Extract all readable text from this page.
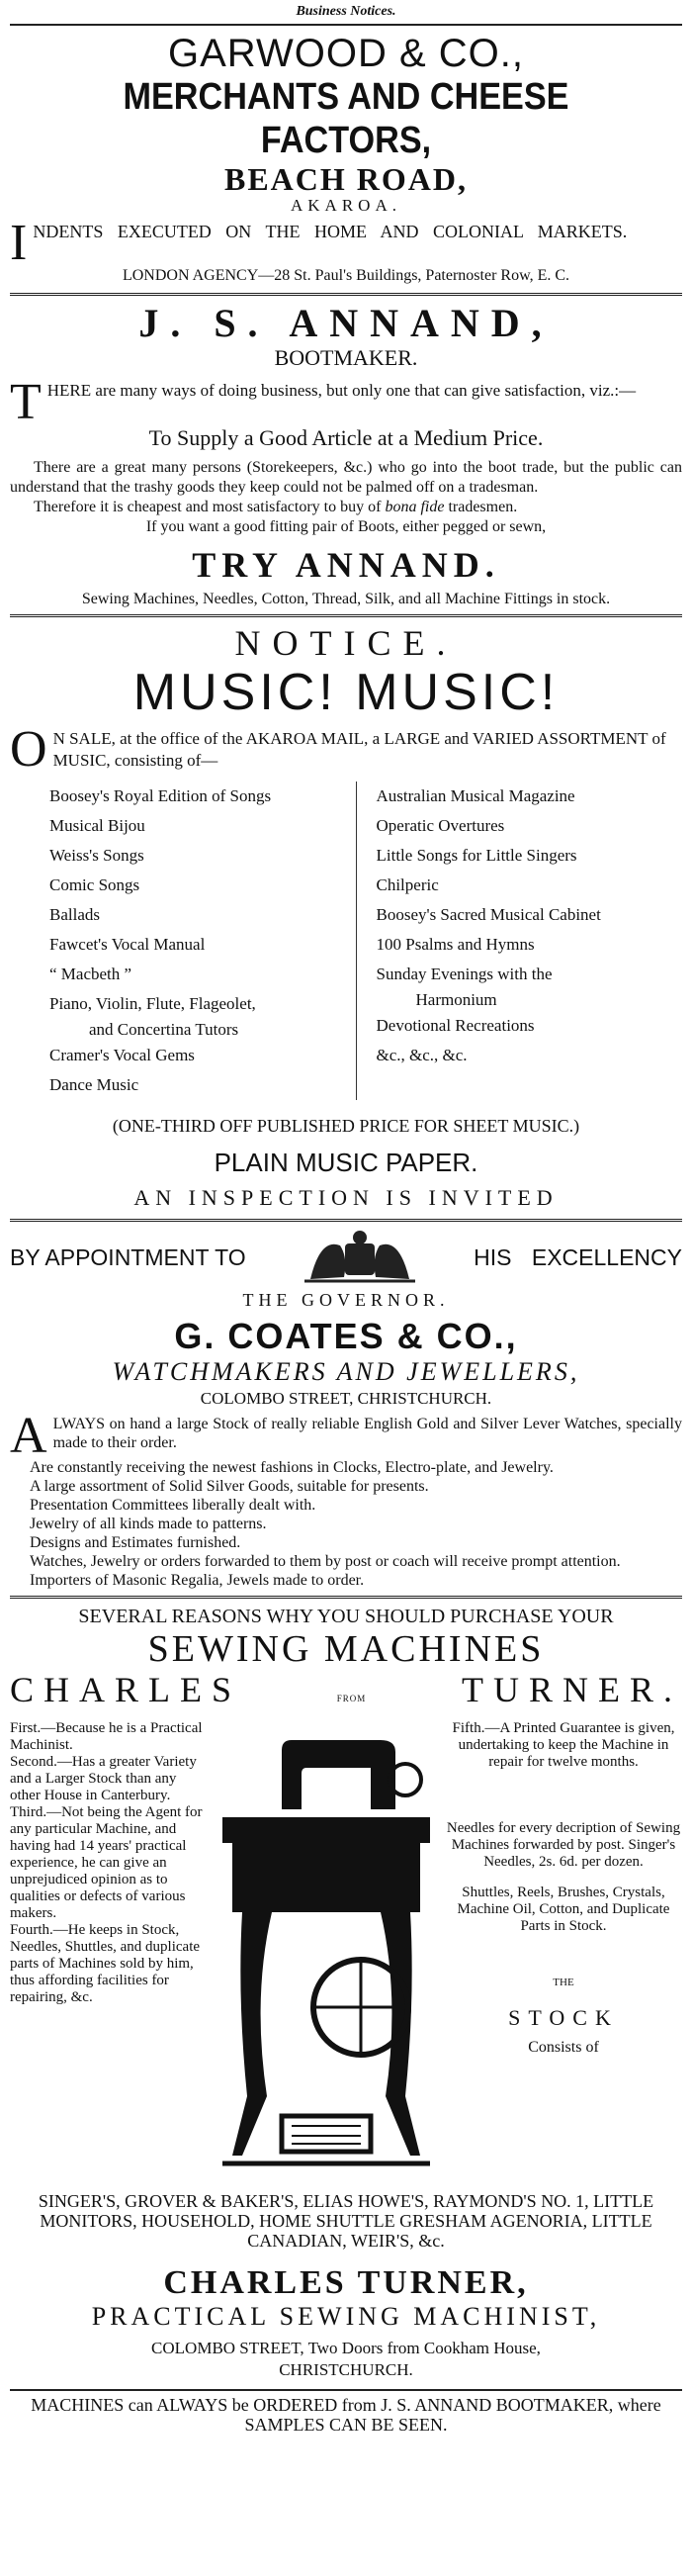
Business Notices.
GARWOOD & CO.,
MERCHANTS AND CHEESE FACTORS,
BEACH ROAD,
AKAROA.
I NDENTS EXECUTED ON THE HOME AND COLONIAL MARKETS.
LONDON AGENCY—28 St. Paul's Buildings, Paternoster Row, E. C.
J. S. ANNAND,
BOOTMAKER.
T HERE are many ways of doing business, but only one that can give satisfaction, viz.:—
To Supply a Good Article at a Medium Price.

There are a great many persons (Storekeepers, &c.) who go into the boot trade, but the public can understand that the trashy goods they keep could not be palmed off on a tradesman.

Therefore it is cheapest and most satisfactory to buy of bona fide tradesmen.

If you want a good fitting pair of Boots, either pegged or sewn,

TRY ANNAND.
Sewing Machines, Needles, Cotton, Thread, Silk, and all Machine Fittings in stock.
NOTICE.
MUSIC! MUSIC!
O N SALE, at the office of the AKAROA MAIL, a LARGE and VARIED ASSORTMENT of MUSIC, consisting of—
Boosey's Royal Edition of Songs
Musical Bijou
Weiss's Songs
Comic Songs
Ballads
Fawcet's Vocal Manual
“ Macbeth ”
Piano, Violin, Flute, Flageolet,
and Concertina Tutors
Cramer's Vocal Gems
Dance Music
Australian Musical Magazine
Operatic Overtures
Little Songs for Little Singers
Chilperic
Boosey's Sacred Musical Cabinet
100 Psalms and Hymns
Sunday Evenings with the
Harmonium
Devotional Recreations
&c., &c., &c.
(ONE-THIRD OFF PUBLISHED PRICE FOR SHEET MUSIC.)
PLAIN MUSIC PAPER.
AN INSPECTION IS INVITED
BY APPOINTMENT TO	HIS EXCELLENCY
THE GOVERNOR.
G. COATES & CO.,
WATCHMAKERS AND JEWELLERS,
COLOMBO STREET, CHRISTCHURCH.
A LWAYS on hand a large Stock of really reliable English Gold and Silver Lever Watches, specially made to their order.
Are constantly receiving the newest fashions in Clocks, Electro-plate, and Jewelry.
A large assortment of Solid Silver Goods, suitable for presents.
Presentation Committees liberally dealt with.
Jewelry of all kinds made to patterns.
Designs and Estimates furnished.
Watches, Jewelry or orders forwarded to them by post or coach will receive prompt attention.
Importers of Masonic Regalia, Jewels made to order.
SEVERAL REASONS WHY YOU SHOULD PURCHASE YOUR
SEWING MACHINES
CHARLES	FROM	TURNER.

First.—Because he is a Practical Machinist.

Second.—Has a greater Variety and a Larger Stock than any other House in Canterbury.

Third.—Not being the Agent for any particular Machine, and having had 14 years' practical experience, he can give an unprejudiced opinion as to qualities or defects of various makers.

Fourth.—He keeps in Stock, Needles, Shuttles, and duplicate parts of Machines sold by him, thus affording facilities for repairing, &c.

Fifth.—A Printed Guarantee is given, undertaking to keep the Machine in repair for twelve months.

Needles for every decription of Sewing Machines forwarded by post. Singer's Needles, 2s. 6d. per dozen.

Shuttles, Reels, Brushes, Crystals, Machine Oil, Cotton, and Duplicate Parts in Stock.

THE

STOCK

Consists of

SINGER'S, GROVER & BAKER'S, ELIAS HOWE'S, RAYMOND'S NO. 1, LITTLE MONITORS, HOUSEHOLD, HOME SHUTTLE GRESHAM AGENORIA, LITTLE CANADIAN, WEIR'S, &c.
CHARLES TURNER,
PRACTICAL SEWING MACHINIST,
COLOMBO STREET, Two Doors from Cookham House,
CHRISTCHURCH.
MACHINES can ALWAYS be ORDERED from J. S. ANNAND BOOTMAKER, where SAMPLES CAN BE SEEN.
